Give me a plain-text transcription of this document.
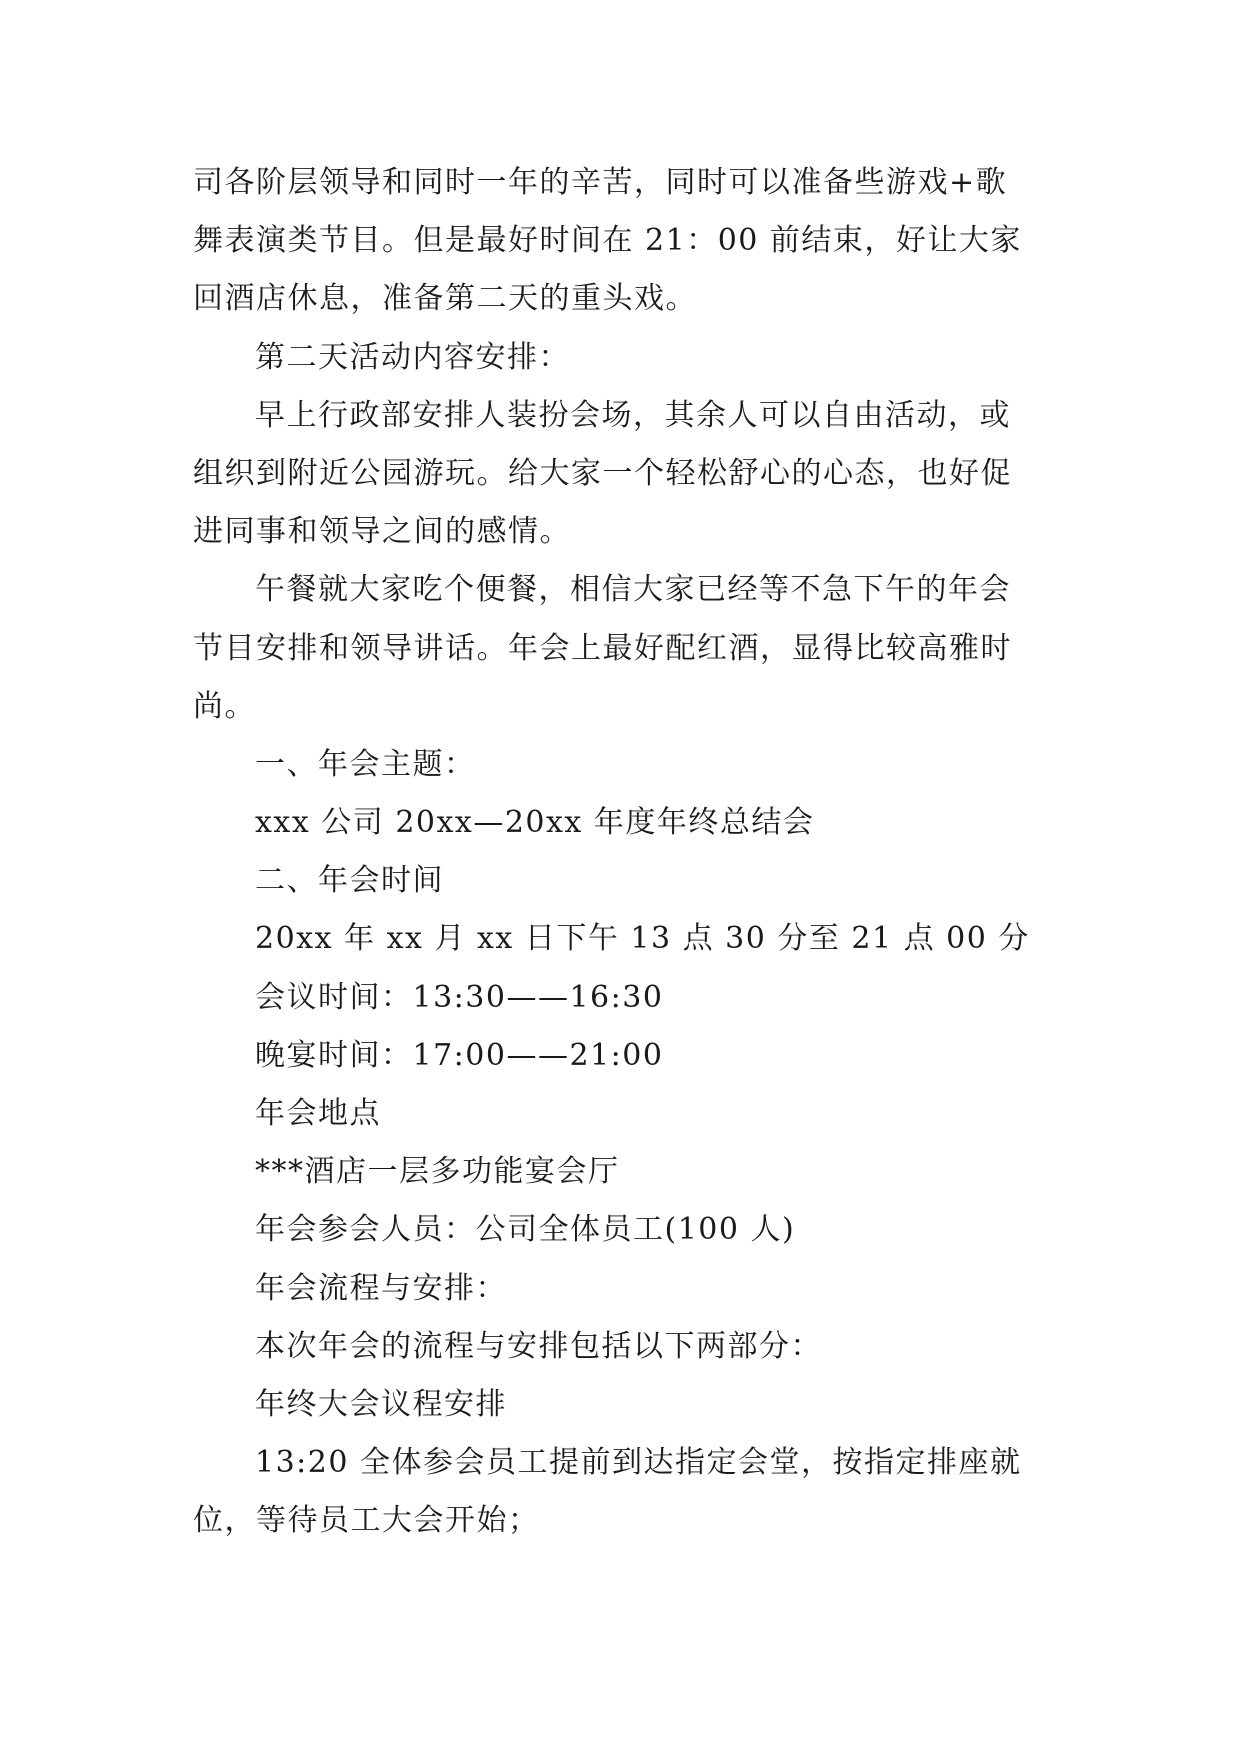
司各阶层领导和同时一年的辛苦，同时可以准备些游戏+歌
舞表演类节目。但是最好时间在 21：00 前结束，好让大家
回酒店休息，准备第二天的重头戏。
第二天活动内容安排：
早上行政部安排人装扮会场，其余人可以自由活动，或
组织到附近公园游玩。给大家一个轻松舒心的心态，也好促
进同事和领导之间的感情。
午餐就大家吃个便餐，相信大家已经等不急下午的年会
节目安排和领导讲话。年会上最好配红酒，显得比较高雅时
尚。
一、年会主题：
xxx 公司 20xx—20xx 年度年终总结会
二、年会时间
20xx 年 xx 月 xx 日下午 13 点 30 分至 21 点 00 分
会议时间：13:30——16:30
晚宴时间：17:00——21:00
年会地点
***酒店一层多功能宴会厅
年会参会人员：公司全体员工(100 人)
年会流程与安排：
本次年会的流程与安排包括以下两部分：
年终大会议程安排
13:20 全体参会员工提前到达指定会堂，按指定排座就
位，等待员工大会开始；
